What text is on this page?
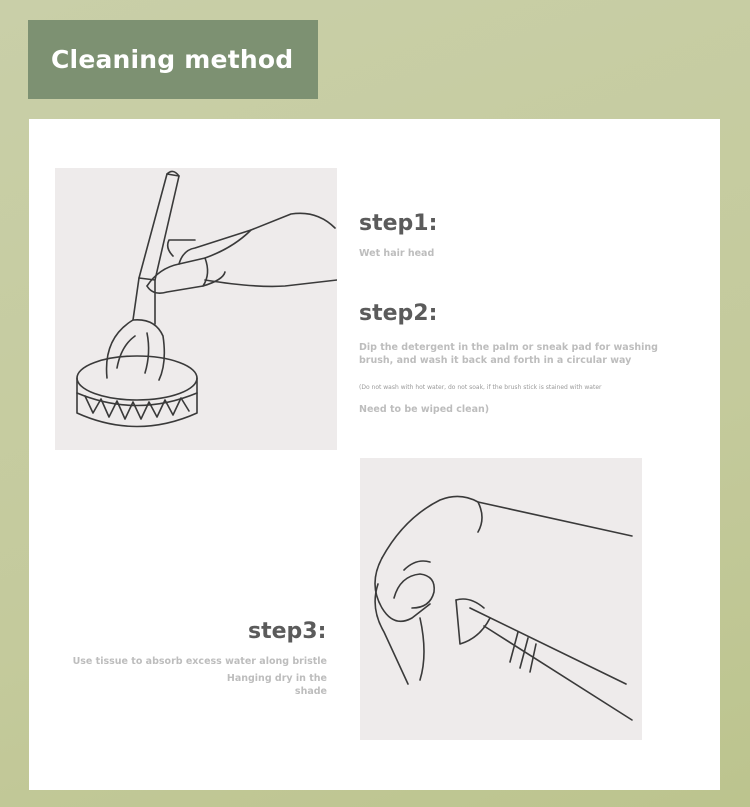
Cleaning method
step1:
Wet hair head
step2:
Dip the detergent in the palm or sneak pad for washing brush, and wash it back and forth in a circular way
(Do not wash with hot water, do not soak, if the brush stick is stained with water
Need to be wiped clean)
step3:
Use tissue to absorb excess water along bristle
Hanging dry in the shade
